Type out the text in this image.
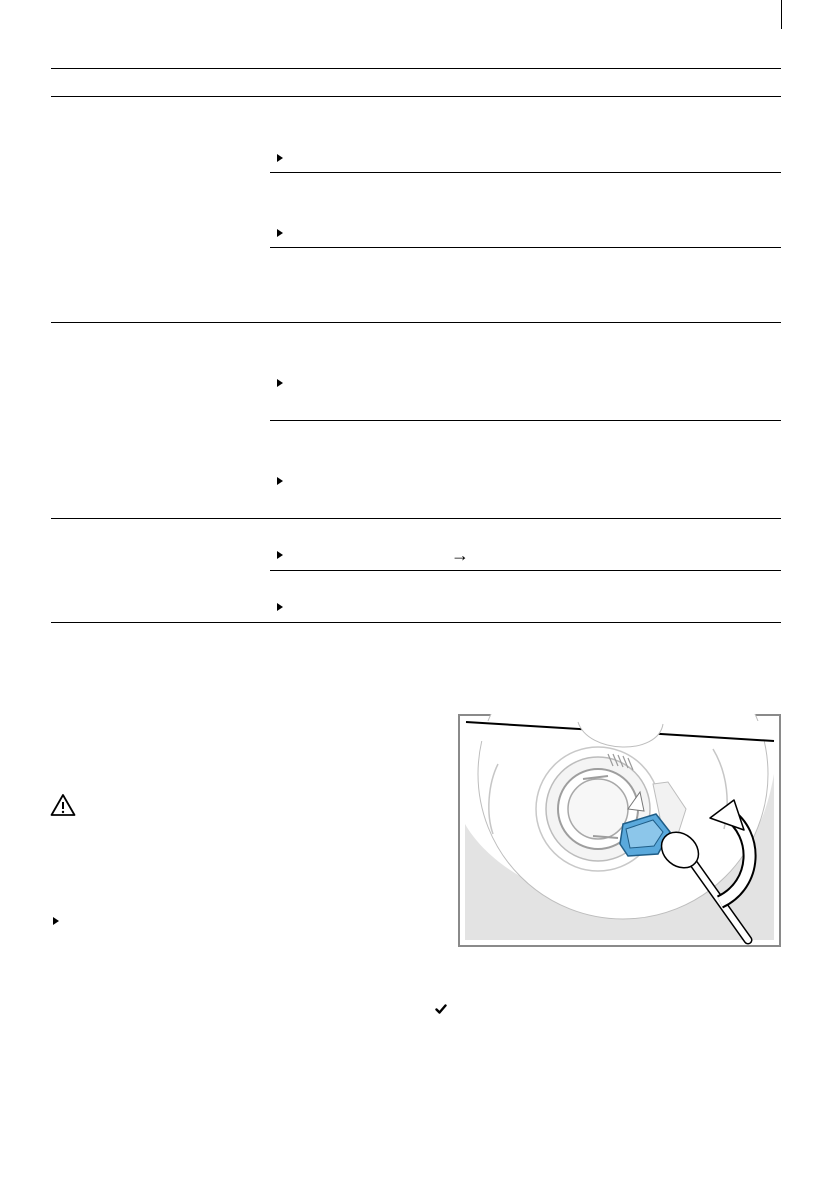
→
